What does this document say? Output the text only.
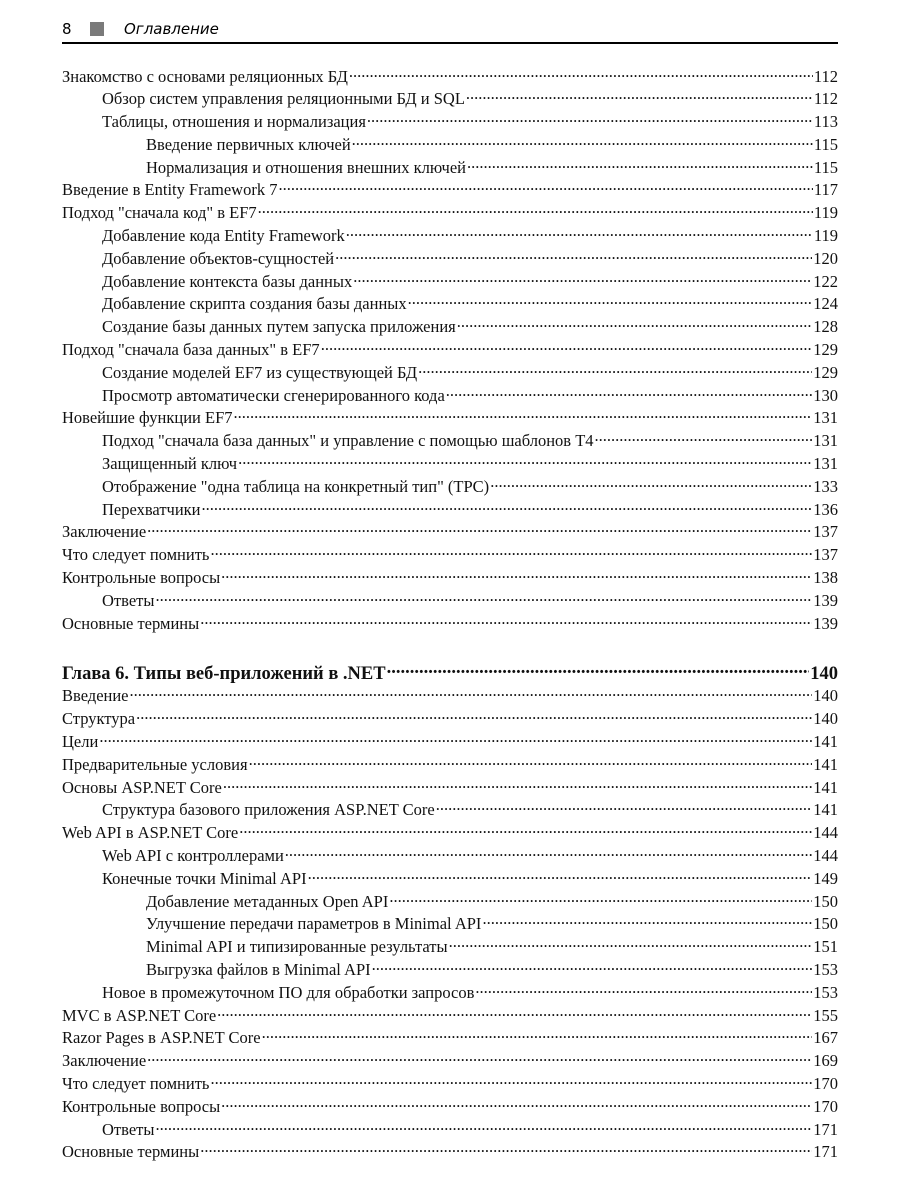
8	Оглавление
Знакомство с основами реляционных БД .....	112
Обзор систем управления реляционными БД и SQL .....	112
Таблицы, отношения и нормализация .....	113
Введение первичных ключей .....	115
Нормализация и отношения внешних ключей .....	115
Введение в Entity Framework 7 .....	117
Подход "сначала код" в EF7 .....	119
Добавление кода Entity Framework .....	119
Добавление объектов-сущностей .....	120
Добавление контекста базы данных .....	122
Добавление скрипта создания базы данных .....	124
Создание базы данных путем запуска приложения .....	128
Подход "сначала база данных" в EF7 .....	129
Создание моделей EF7 из существующей БД .....	129
Просмотр автоматически сгенерированного кода .....	130
Новейшие функции EF7 .....	131
Подход "сначала база данных" и управление с помощью шаблонов T4 .....	131
Защищенный ключ .....	131
Отображение "одна таблица на конкретный тип" (TPC) .....	133
Перехватчики .....	136
Заключение .....	137
Что следует помнить .....	137
Контрольные вопросы .....	138
Ответы .....	139
Основные термины .....	139
Глава 6. Типы веб-приложений в .NET .....	140
Введение .....	140
Структура .....	140
Цели .....	141
Предварительные условия .....	141
Основы ASP.NET Core .....	141
Структура базового приложения ASP.NET Core .....	141
Web API в ASP.NET Core .....	144
Web API с контроллерами .....	144
Конечные точки Minimal API .....	149
Добавление метаданных Open API .....	150
Улучшение передачи параметров в Minimal API .....	150
Minimal API и типизированные результаты .....	151
Выгрузка файлов в Minimal API .....	153
Новое в промежуточном ПО для обработки запросов .....	153
MVC в ASP.NET Core .....	155
Razor Pages в ASP.NET Core .....	167
Заключение .....	169
Что следует помнить .....	170
Контрольные вопросы .....	170
Ответы .....	171
Основные термины .....	171
